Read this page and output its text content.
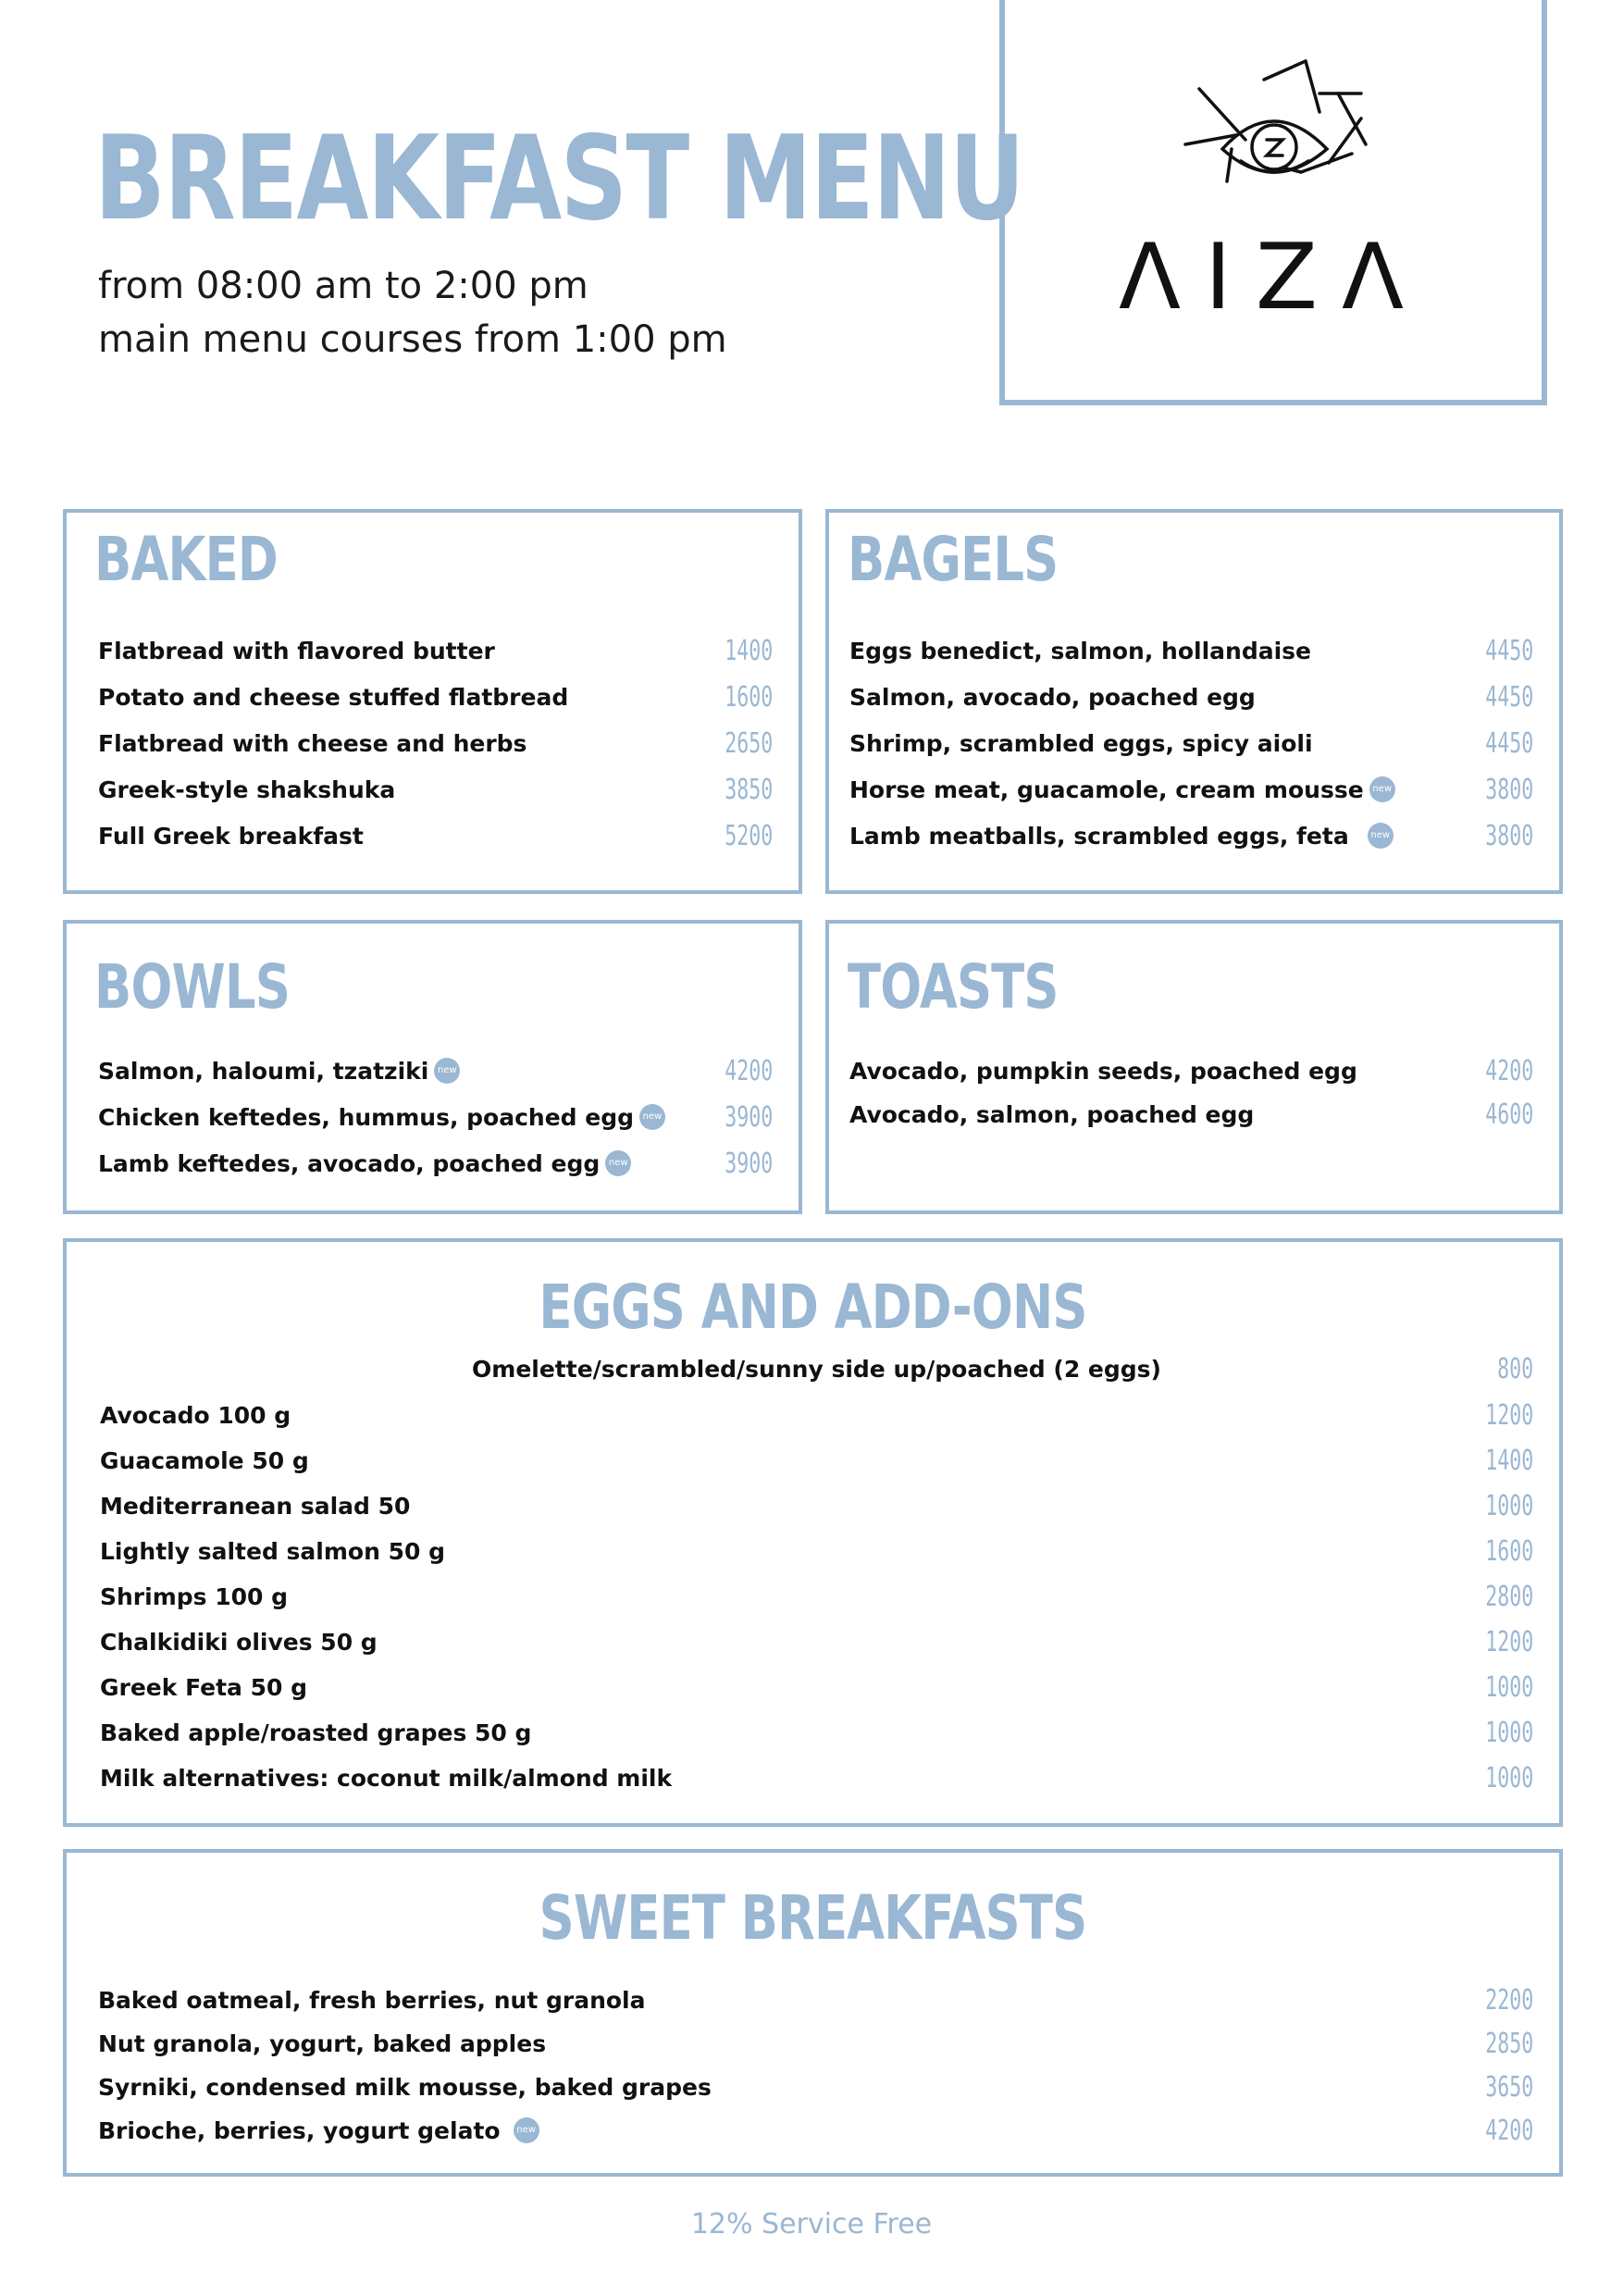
BREAKFAST MENU
from 08:00 am to 2:00 pm
main menu courses from 1:00 pm
ΛIZΛ
BAKED
Flatbread with flavored butter	1400
Potato and cheese stuffed flatbread	1600
Flatbread with cheese and herbs	2650
Greek-style shakshuka	3850
Full Greek breakfast	5200
BAGELS
Eggs benedict, salmon, hollandaise	4450
Salmon, avocado, poached egg	4450
Shrimp, scrambled eggs, spicy aioli	4450
Horse meat, guacamole, cream mousse new	3800
Lamb meatballs, scrambled eggs, feta new	3800
BOWLS
Salmon, haloumi, tzatziki new	4200
Chicken keftedes, hummus, poached egg new 3900
Lamb keftedes, avocado, poached egg new	3900
TOASTS
Avocado, pumpkin seeds, poached egg	4200
Avocado, salmon, poached egg	4600
EGGS AND ADD-ONS
Omelette/scrambled/sunny side up/poached (2 eggs)	800
Avocado 100 g	1200
Guacamole 50 g	1400
Mediterranean salad 50	1000
Lightly salted salmon 50 g	1600
Shrimps 100 g	2800
Chalkidiki olives 50 g	1200
Greek Feta 50 g	1000
Baked apple/roasted grapes 50 g	1000
Milk alternatives: coconut milk/almond milk	1000
SWEET BREAKFASTS
Baked oatmeal, fresh berries, nut granola	2200
Nut granola, yogurt, baked apples	2850
Syrniki, condensed milk mousse, baked grapes	3650
Brioche, berries, yogurt gelato new	4200
12% Service Free
